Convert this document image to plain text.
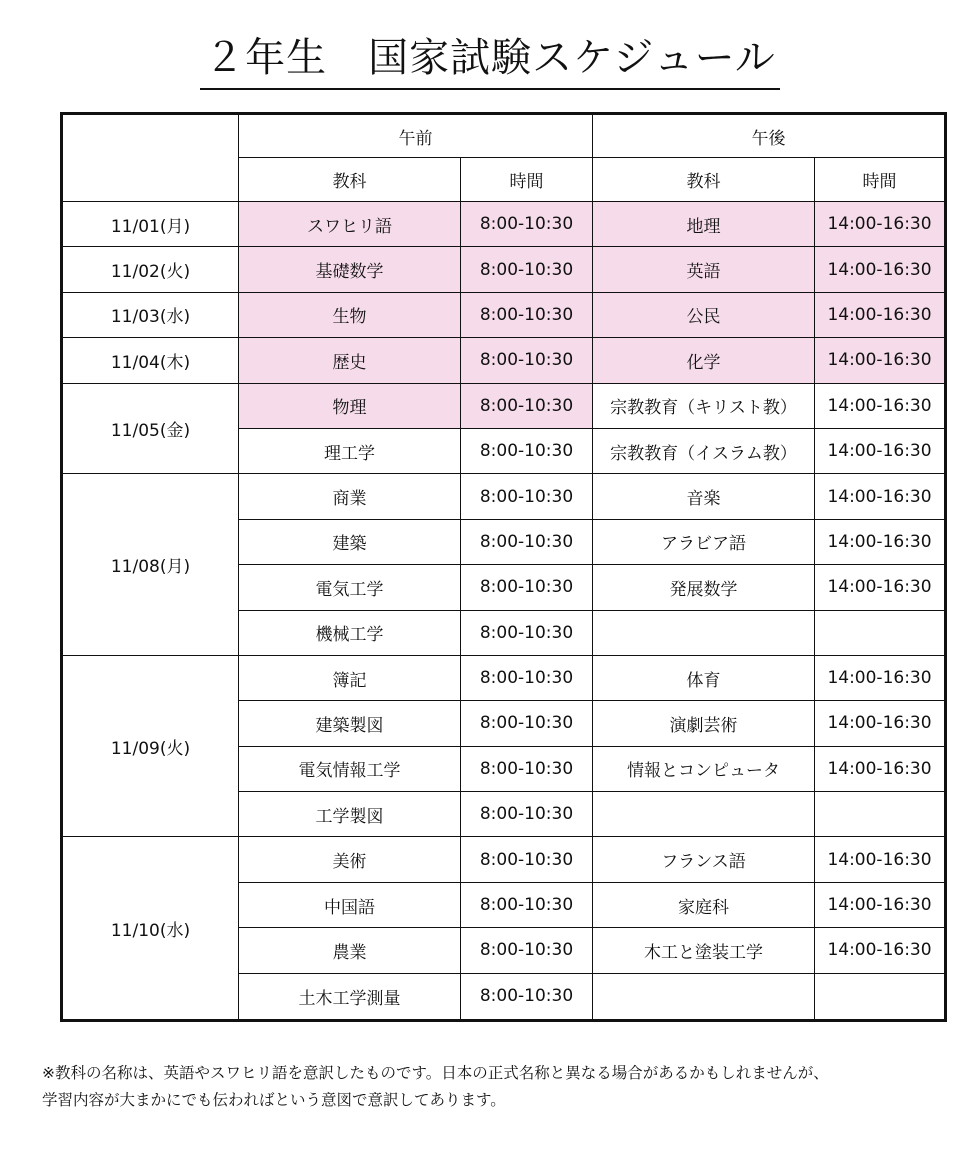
２年生　国家試験スケジュール
	午前		午後	
	教科	時間	教科	時間
11/01(月)	スワヒリ語	8:00-10:30	地理	14:00-16:30
11/02(火)	基礎数学	8:00-10:30	英語	14:00-16:30
11/03(水)	生物	8:00-10:30	公民	14:00-16:30
11/04(木)	歴史	8:00-10:30	化学	14:00-16:30
11/05(金)	物理	8:00-10:30	宗教教育（キリスト教）	14:00-16:30
	理工学	8:00-10:30	宗教教育（イスラム教）	14:00-16:30
11/08(月)	商業	8:00-10:30	音楽	14:00-16:30
	建築	8:00-10:30	アラビア語	14:00-16:30
	電気工学	8:00-10:30	発展数学	14:00-16:30
	機械工学	8:00-10:30		
11/09(火)	簿記	8:00-10:30	体育	14:00-16:30
	建築製図	8:00-10:30	演劇芸術	14:00-16:30
	電気情報工学	8:00-10:30	情報とコンピュータ	14:00-16:30
	工学製図	8:00-10:30		
11/10(水)	美術	8:00-10:30	フランス語	14:00-16:30
	中国語	8:00-10:30	家庭科	14:00-16:30
	農業	8:00-10:30	木工と塗装工学	14:00-16:30
	土木工学測量	8:00-10:30		
※教科の名称は、英語やスワヒリ語を意訳したものです。日本の正式名称と異なる場合があるかもしれませんが、
学習内容が大まかにでも伝わればという意図で意訳してあります。
